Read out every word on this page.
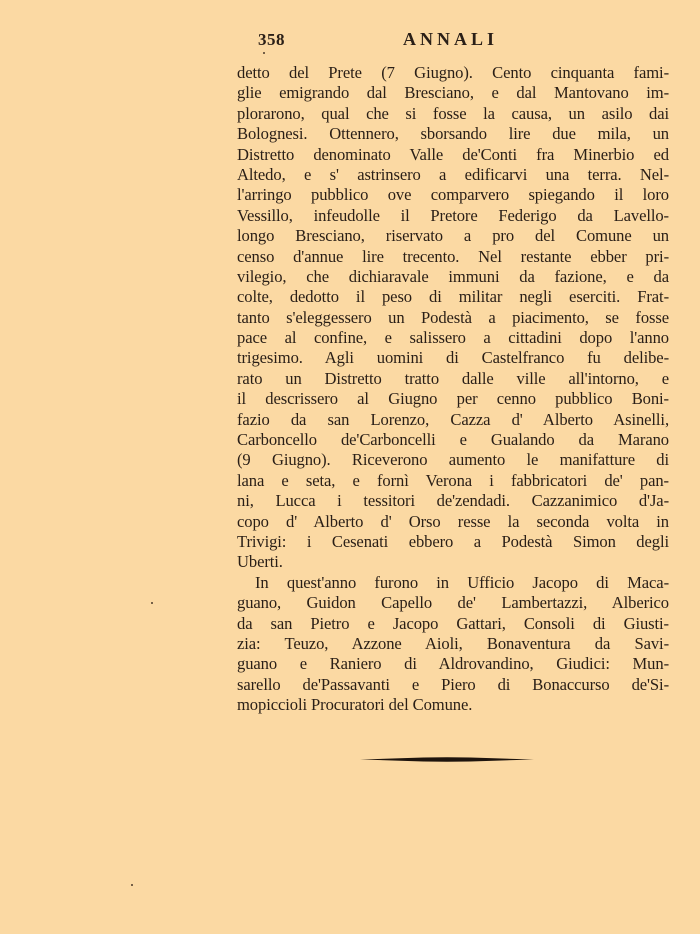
358	ANNALI
detto del Prete (7 Giugno). Cento cinquanta fami-
glie emigrando dal Bresciano, e dal Mantovano im-
plorarono, qual che si fosse la causa, un asilo dai
Bolognesi. Ottennero, sborsando lire due mila, un
Distretto denominato Valle de'Conti fra Minerbio ed
Altedo, e s' astrinsero a edificarvi una terra. Nel-
l'arringo pubblico ove comparvero spiegando il loro
Vessillo, infeudolle il Pretore Federigo da Lavello-
longo Bresciano, riservato a pro del Comune un
censo d'annue lire trecento. Nel restante ebber pri-
vilegio, che dichiaravale immuni da fazione, e da
colte, dedotto il peso di militar negli eserciti. Frat-
tanto s'eleggessero un Podestà a piacimento, se fosse
pace al confine, e salissero a cittadini dopo l'anno
trigesimo. Agli uomini di Castelfranco fu delibe-
rato un Distretto tratto dalle ville all'intorno, e
il descrissero al Giugno per cenno pubblico Boni-
fazio da san Lorenzo, Cazza d' Alberto Asinelli,
Carboncello de'Carboncelli e Gualando da Marano
(9 Giugno). Riceverono aumento le manifatture di
lana e seta, e fornì Verona i fabbricatori de' pan-
ni, Lucca i tessitori de'zendadi. Cazzanimico d'Ja-
copo d' Alberto d' Orso resse la seconda volta in
Trivigi: i Cesenati ebbero a Podestà Simon degli
Uberti.
In quest'anno furono in Ufficio Jacopo di Maca-
guano, Guidon Capello de' Lambertazzi, Alberico
da san Pietro e Jacopo Gattari, Consoli di Giusti-
zia: Teuzo, Azzone Aioli, Bonaventura da Savi-
guano e Raniero di Aldrovandino, Giudici: Mun-
sarello de'Passavanti e Piero di Bonaccurso de'Si-
mopiccioli Procuratori del Comune.
